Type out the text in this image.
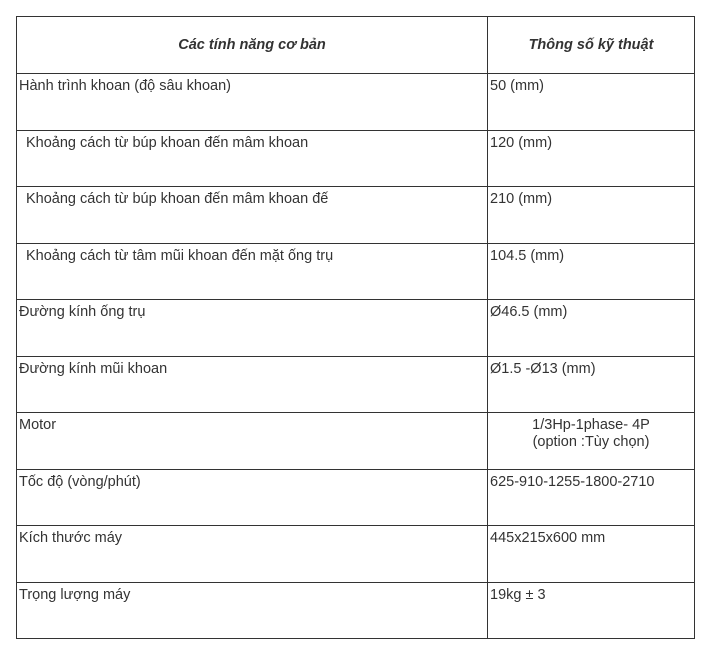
Các tính năng cơ bản	Thông số kỹ thuật
Hành trình khoan (độ sâu khoan)	50 (mm)
Khoảng cách từ búp khoan đến mâm khoan	120 (mm)
Khoảng cách từ búp khoan đến mâm khoan đế	210 (mm)
Khoảng cách từ tâm mũi khoan đến mặt ống trụ	104.5 (mm)
Đường kính ống trụ	Ø46.5 (mm)
Đường kính mũi khoan	Ø1.5 -Ø13 (mm)
Motor	1/3Hp-1phase- 4P
(option :Tùy chọn)

Tốc độ (vòng/phút)	625-910-1255-1800-2710
Kích thước máy	445x215x600 mm
Trọng lượng máy	19kg ± 3
